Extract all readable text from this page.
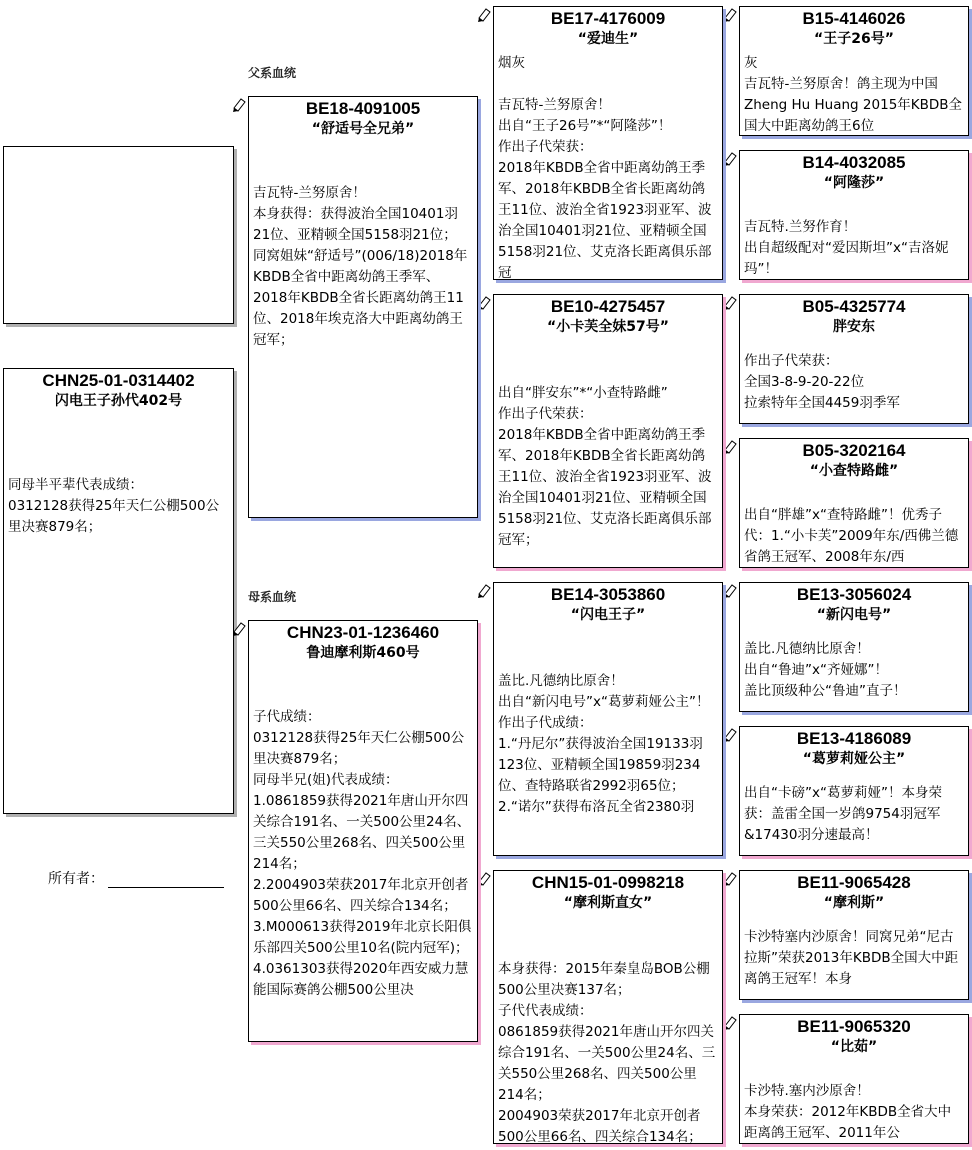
CHN25-01-0314402
闪电王子孙代402号
同母半平辈代表成绩：
0312128获得25年天仁公棚500公里决赛879名；
所有者：
父系血统
母系血统
BE18-4091005
“舒适号全兄弟”
吉瓦特-兰努原舍！
本身获得：获得波治全国10401羽21位、亚精顿全国5158羽21位；
同窝姐妹“舒适号”(006/18)2018年KBDB全省中距离幼鸽王季军、2018年KBDB全省长距离幼鸽王11位、2018年埃克洛大中距离幼鸽王冠军；
CHN23-01-1236460
鲁迪摩利斯460号
子代成绩：
0312128获得25年天仁公棚500公里决赛879名；
同母半兄(姐)代表成绩：
1.0861859获得2021年唐山开尔四关综合191名、一关500公里24名、三关550公里268名、四关500公里214名；
2.2004903荣获2017年北京开创者500公里66名、四关综合134名；
3.M000613获得2019年北京长阳俱乐部四关500公里10名(院内冠军)；
4.0361303获得2020年西安威力慧能国际赛鸽公棚500公里决
BE17-4176009
“爱迪生”
烟灰
吉瓦特-兰努原舍！
出自“王子26号”*“阿隆莎”！
作出子代荣获：
2018年KBDB全省中距离幼鸽王季军、2018年KBDB全省长距离幼鸽王11位、波治全省1923羽亚军、波治全国10401羽21位、亚精顿全国5158羽21位、艾克洛长距离俱乐部冠
BE10-4275457
“小卡芙全妹57号”
出自“胖安东”*“小查特路雌”
作出子代荣获：
2018年KBDB全省中距离幼鸽王季军、2018年KBDB全省长距离幼鸽王11位、波治全省1923羽亚军、波治全国10401羽21位、亚精顿全国5158羽21位、艾克洛长距离俱乐部冠军；
BE14-3053860
“闪电王子”
盖比.凡德纳比原舍！
出自“新闪电号”x“葛萝莉娅公主”！
作出子代成绩：
1.“丹尼尔”获得波治全国19133羽123位、亚精顿全国19859羽234位、查特路联省2992羽65位；
2.“诺尔”获得布洛瓦全省2380羽
CHN15-01-0998218
“摩利斯直女”
本身获得：2015年秦皇岛BOB公棚500公里决赛137名；
子代代表成绩：
0861859获得2021年唐山开尔四关综合191名、一关500公里24名、三关550公里268名、四关500公里214名；
2004903荣获2017年北京开创者500公里66名、四关综合134名；
B15-4146026
“王子26号”
灰
吉瓦特-兰努原舍！鸽主现为中国Zheng Hu Huang 2015年KBDB全国大中距离幼鸽王6位
B14-4032085
“阿隆莎”
吉瓦特.兰努作育！
出自超级配对“爱因斯坦”x“吉洛妮玛”！
B05-4325774
胖安东
作出子代荣获：
全国3-8-9-20-22位
拉索特年全国4459羽季军
B05-3202164
“小查特路雌”
出自“胖雄”x“查特路雌”！优秀子代：1.“小卡芙”2009年东/西佛兰德省鸽王冠军、2008年东/西
BE13-3056024
“新闪电号”
盖比.凡德纳比原舍！
出自“鲁迪”x“齐娅娜”！
盖比顶级种公“鲁迪”直子！
BE13-4186089
“葛萝莉娅公主”
出自“卡磅”x“葛萝莉娅”！本身荣获：盖雷全国一岁鸽9754羽冠军&17430羽分速最高！
BE11-9065428
“摩利斯”
卡沙特塞内沙原舍！同窝兄弟“尼古拉斯”荣获2013年KBDB全国大中距离鸽王冠军！本身
BE11-9065320
“比茹”
卡沙特.塞内沙原舍！
本身荣获：2012年KBDB全省大中距离鸽王冠军、2011年公
